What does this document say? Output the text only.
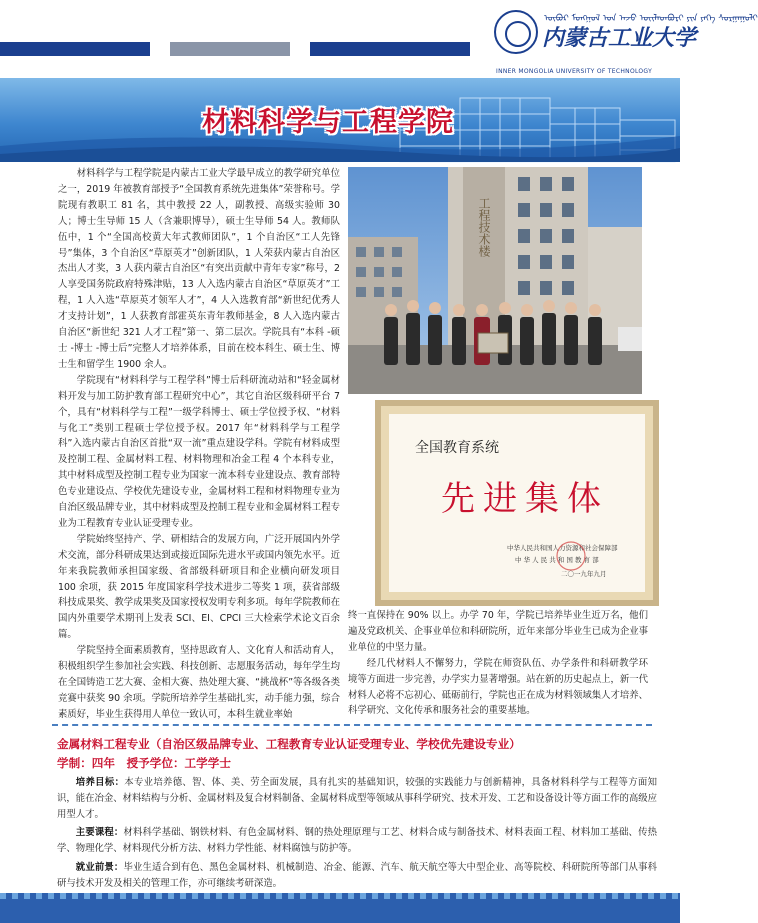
ᠦᠪᠦᠷ ᠮᠣᠩᠭᠣᠯ ᠤᠨ ᠠᠵᠤ ᠦᠢᠯᠡᠳᠪᠦᠷᠢ ᠶᠢᠨ ᠶᠡᠬᠡ ᠰᠤᠷᠭᠠᠭᠤᠯᠢ
内蒙古工业大学
INNER MONGOLIA UNIVERSITY OF TECHNOLOGY
材料科学与工程学院

材料科学与工程学院是内蒙古工业大学最早成立的教学研究单位之一，2019 年被教育部授予“全国教育系统先进集体”荣誉称号。学院现有教职工 81 名，其中教授 22 人，副教授、高级实验师 30 人；博士生导师 15 人（含兼职博导），硕士生导师 54 人。教师队伍中，1 个“全国高校黄大年式教师团队”，1 个自治区“工人先锋号”集体，3 个自治区“草原英才”创新团队，1 人荣获内蒙古自治区杰出人才奖，3 人获内蒙古自治区“有突出贡献中青年专家”称号，2 人享受国务院政府特殊津贴，13 人入选内蒙古自治区“草原英才”工程，1 人入选“草原英才领军人才”，4 人入选教育部“新世纪优秀人才支持计划”，1 人获教育部霍英东青年教师基金，8 人入选内蒙古自治区“新世纪 321 人才工程”第一、第二层次。学院具有“本科 -硕士 -博士 -博士后”完整人才培养体系，目前在校本科生、硕士生、博士生和留学生 1900 余人。

学院现有“材料科学与工程学科”博士后科研流动站和“轻金属材料开发与加工防护教育部工程研究中心”，其它自治区级科研平台 7 个，具有“材料科学与工程”一级学科博士、硕士学位授予权、“材料与化工”类别工程硕士学位授予权。2017 年“材料科学与工程学科”入选内蒙古自治区首批“双一流”重点建设学科。学院有材料成型及控制工程、金属材料工程、材料物理和冶金工程 4 个本科专业，其中材料成型及控制工程专业为国家一流本科专业建设点、教育部特色专业建设点、学校优先建设专业，金属材料工程和材料物理专业为自治区级品牌专业，其中材料成型及控制工程专业和金属材料工程专业为工程教育专业认证受理专业。

学院始终坚持产、学、研相结合的发展方向，广泛开展国内外学术交流，部分科研成果达到或接近国际先进水平或国内领先水平。近年来我院教师承担国家级、省部级科研项目和企业横向研发项目 100 余项，获 2015 年度国家科学技术进步二等奖 1 项，获省部级科技成果奖、教学成果奖及国家授权发明专利多项。每年学院教师在国内外重要学术期刊上发表 SCI、EI、CPCI 三大检索学术论文百余篇。

学院坚持全面素质教育，坚持思政育人、文化育人和活动育人，积极组织学生参加社会实践、科技创新、志愿服务活动，每年学生均在全国铸造工艺大赛、金相大赛、热处理大赛、“挑战杯”等各级各类竞赛中获奖 90 余项。学院所培养学生基础扎实，动手能力强，综合素质好，毕业生获得用人单位一致认可，本科生就业率始

工程技术楼
全国教育系统
先进集体
中华人民共和国人力资源和社会保障部
中 华 人 民 共 和 国 教 育 部
二〇一九年九月

终一直保持在 90% 以上。办学 70 年，学院已培养毕业生近万名，他们遍及党政机关、企事业单位和科研院所，近年来部分毕业生已成为企业事业单位的中坚力量。

经几代材料人不懈努力，学院在师资队伍、办学条件和科研教学环境等方面进一步完善，办学实力显著增强。站在新的历史起点上，新一代材料人必将不忘初心、砥砺前行，学院也正在成为材料领域集人才培养、科学研究、文化传承和服务社会的重要基地。

金属材料工程专业（自治区级品牌专业、工程教育专业认证受理专业、学校优先建设专业）
学制：四年　授予学位：工学学士

培养目标：本专业培养德、智、体、美、劳全面发展，具有扎实的基础知识，较强的实践能力与创新精神，具备材料科学与工程等方面知识，能在冶金、材料结构与分析、金属材料及复合材料制备、金属材料成型等领域从事科学研究、技术开发、工艺和设备设计等方面工作的高级应用型人才。

主要课程：材料科学基础、钢铁材料、有色金属材料、钢的热处理原理与工艺、材料合成与制备技术、材料表面工程、材料加工基础、传热学、物理化学、材料现代分析方法、材料力学性能、材料腐蚀与防护等。

就业前景：毕业生适合到有色、黑色金属材料、机械制造、冶金、能源、汽车、航天航空等大中型企业、高等院校、科研院所等部门从事科研与技术开发及相关的管理工作，亦可继续考研深造。
